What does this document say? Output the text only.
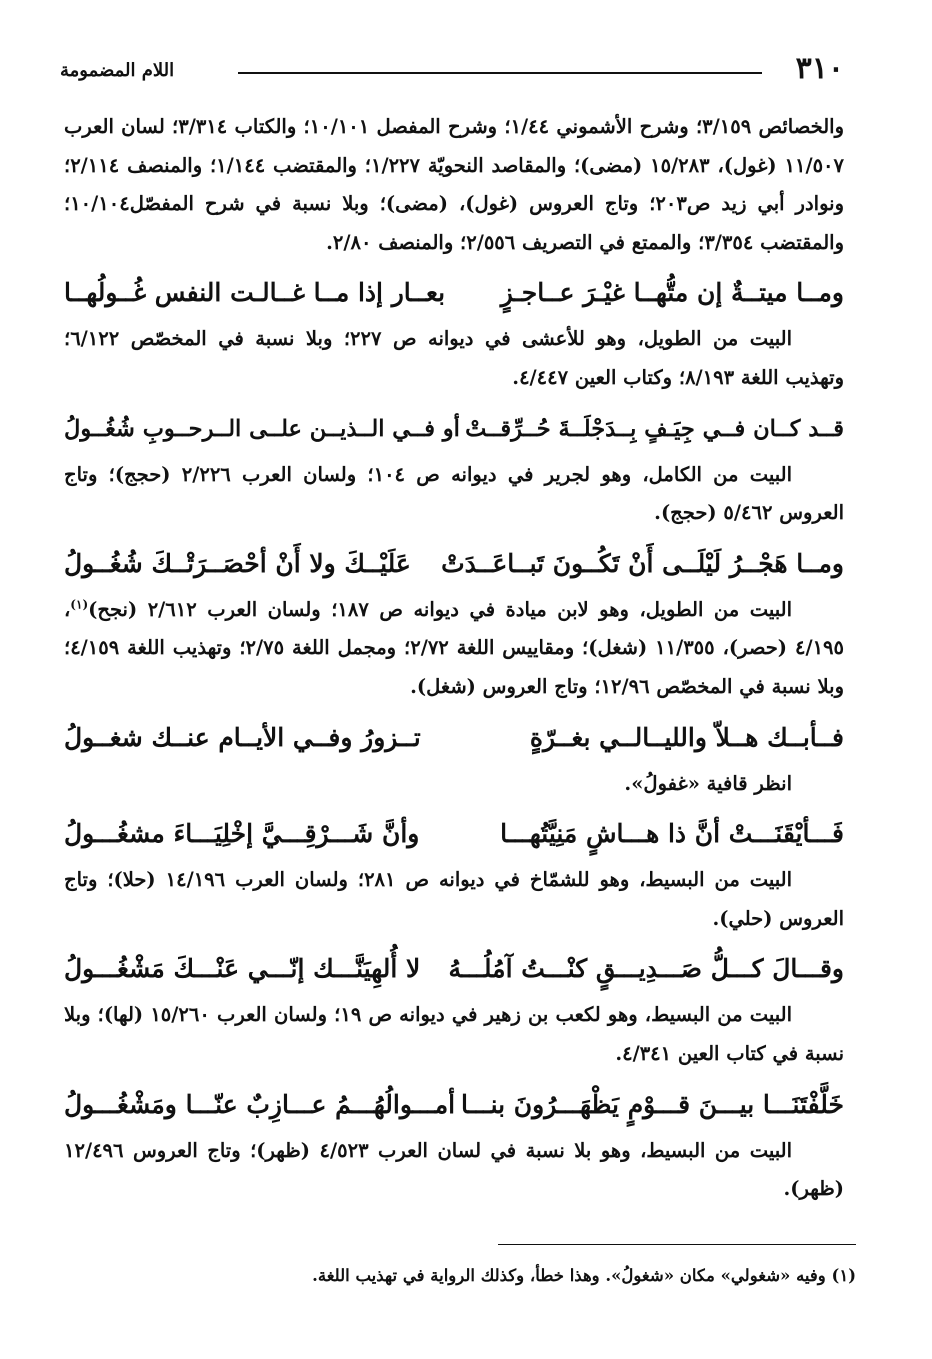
٣١٠
اللام المضمومة

والخصائص ٣/١٥٩؛ وشرح الأشموني ١/٤٤؛ وشرح المفصل ١٠/١٠١؛ والكتاب ٣/٣١٤؛ لسان العرب ١١/٥٠٧ (غول)، ١٥/٢٨٣ (مضى)؛ والمقاصد النحويّة ١/٢٢٧؛ والمقتضب ١/١٤٤؛ والمنصف ٢/١١٤؛ ونوادر أبي زيد ص٢٠٣؛ وتاج العروس (غول)، (مضى)؛ وبلا نسبة في شرح المفصّل١٠/١٠٤؛ والمقتضب ٣/٣٥٤؛ والممتع في التصريف ٢/٥٥٦؛ والمنصف ٢/٨٠.

ومــا ميتــةٌ إن متُّهــا غيْـرَ عــاجـزٍ
بعــار إذا مــا غــالـت النفس غُــولُهــا

البيت من الطويل، وهو للأعشى في ديوانه ص ٢٢٧؛ وبلا نسبة في المخصّص ٦/١٢٢؛ وتهذيب اللغة ٨/١٩٣؛ وكتاب العين ٤/٤٤٧.

قــد كــان فــي جِيَـفٍ بِــدَجْلَــةَ حُــرِّقــتْ
أو فــي الــذيــن علــى الــرحــوبِ شُغُــولُ

البيت من الكامل، وهو لجرير في ديوانه ص ١٠٤؛ ولسان العرب ٢/٢٢٦ (حجج)؛ وتاج العروس ٥/٤٦٢ (حجج).

ومــا هَجْــرُ لَيْلَــى أَنْ تَكُــونَ تَبــاعَــدَتْ
عَلَيْــكَ ولا أَنْ أحْصَــرَتْــكَ شُغُــولُ

البيت من الطويل، وهو لابن ميادة في ديوانه ص ١٨٧؛ ولسان العرب ٢/٦١٢ (نجح)$^{(١)}$، ٤/١٩٥ (حصر)، ١١/٣٥٥ (شغل)؛ ومقاييس اللغة ٢/٧٢؛ ومجمل اللغة ٢/٧٥؛ وتهذيب اللغة ٤/١٥٩؛ وبلا نسبة في المخصّص ١٢/٩٦؛ وتاج العروس (شغل).

فــأبــك هــلاّ والليــالــي بغــرّةٍ
تــزورُ وفــي الأيــام عنــك شغــولُ

انظر قافية «غفولُ».

فَـــأيْقَنَـــتْ أنَّ ذا هـــاشٍ مَنِيَّتُهـــا
وأنَّ شَـــرْقِـــيَّ إخْلِيَـــاءَ مشغُـــولُ

البيت من البسيط، وهو للشمّاخ في ديوانه ص ٢٨١؛ ولسان العرب ١٤/١٩٦ (حلا)؛ وتاج العروس (حلي).

وقـــالَ كـــلُّ صَـــدِيـــقٍ كنْـــتُ آمُلُـــهُ
لا أُلهِيَنَّـــك إنّـــي عَنْـــكَ مَشْغُـــولُ

البيت من البسيط، وهو لكعب بن زهير في ديوانه ص ١٩؛ ولسان العرب ١٥/٢٦٠ (لها)؛ وبلا نسبة في كتاب العين ٤/٣٤١.

خَلَّفْتَنَـــا بيـــنَ قـــوْمٍ يَظْهَـــرُونَ بنـــا
أمـــوالُهُـــمُ عـــازِبٌ عنّـــا ومَشْغُـــولُ

البيت من البسيط، وهو بلا نسبة في لسان العرب ٤/٥٢٣ (ظهر)؛ وتاج العروس ١٢/٤٩٦ (ظهر).

(١) وفيه «شغولي» مكان «شغولُ». وهذا خطأ، وكذلك الرواية في تهذيب اللغة.
